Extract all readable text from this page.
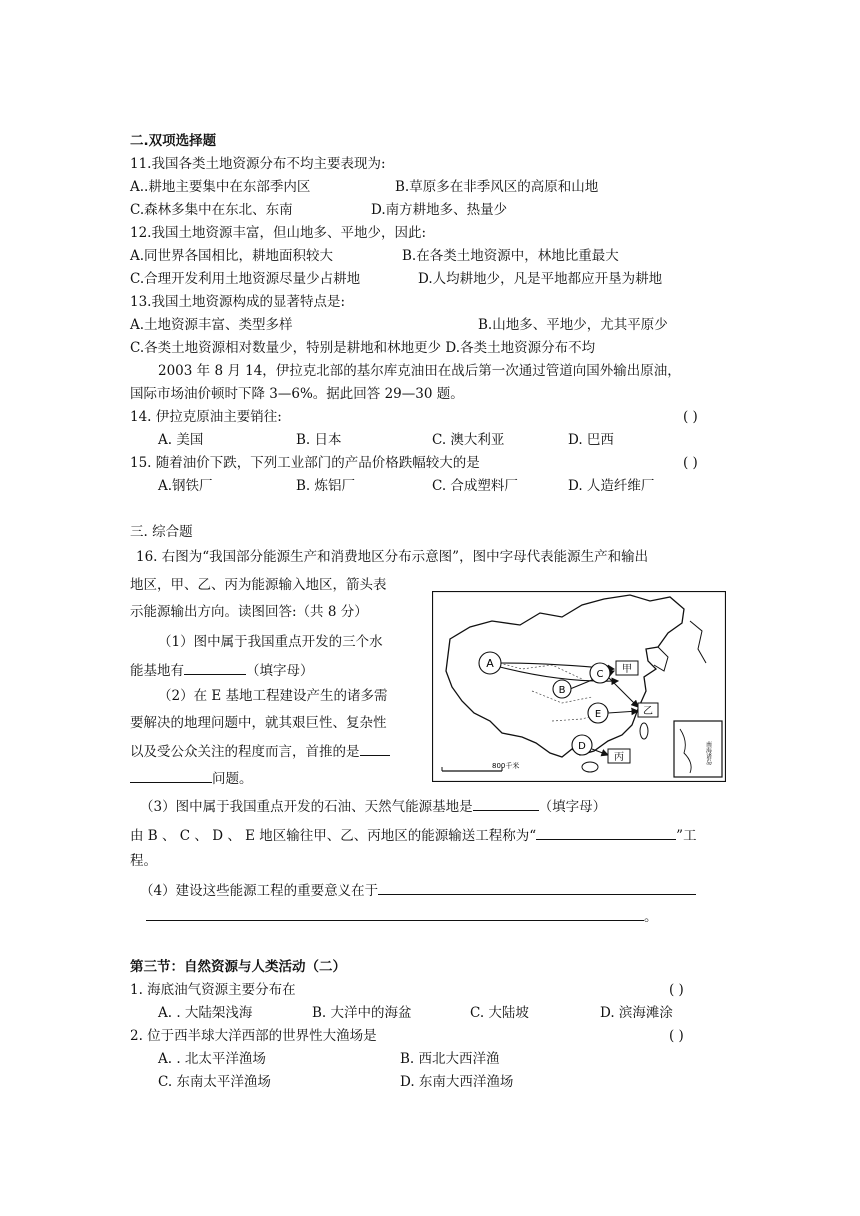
二.双项选择题
11.我国各类土地资源分布不均主要表现为:
A..耕地主要集中在东部季内区	B.草原多在非季风区的高原和山地
C.森林多集中在东北、东南	D.南方耕地多、热量少
12.我国土地资源丰富，但山地多、平地少，因此:
A.同世界各国相比，耕地面积较大	B.在各类土地资源中，林地比重最大
C.合理开发利用土地资源尽量少占耕地	D.人均耕地少，凡是平地都应开垦为耕地
13.我国土地资源构成的显著特点是:
A.土地资源丰富、类型多样	B.山地多、平地少，尤其平原少
C.各类土地资源相对数量少，特别是耕地和林地更少 D.各类土地资源分布不均
2003 年 8 月 14，伊拉克北部的基尔库克油田在战后第一次通过管道向国外输出原油，
国际市场油价顿时下降 3—6%。据此回答 29—30 题。
14. 伊拉克原油主要销往:	( )
A. 美国	B. 日本	C. 澳大利亚	D. 巴西
15. 随着油价下跌，下列工业部门的产品价格跌幅较大的是	( )
A.钢铁厂	B. 炼铝厂	C. 合成塑料厂	D. 人造纤维厂
三. 综合题
16. 右图为“我国部分能源生产和消费地区分布示意图”，图中字母代表能源生产和输出
地区，甲、乙、丙为能源输入地区，箭头表
示能源输出方向。读图回答:（共 8 分）
（1）图中属于我国重点开发的三个水
能基地有	（填字母）
（2）在 E 基地工程建设产生的诸多需
要解决的地理问题中，就其艰巨性、复杂性
以及受公众关注的程度而言，首推的是
问题。
（3）图中属于我国重点开发的石油、天然气能源基地是	（填字母）
由 B 、 C 、 D 、 E 地区输往甲、乙、丙地区的能源输送工程称为“	”工
程。
（4）建设这些能源工程的重要意义在于
。
A
B
C
E
D
甲
乙
丙
800千米
南海诸岛
第三节：自然资源与人类活动（二）
1. 海底油气资源主要分布在	( )
A. . 大陆架浅海	B. 大洋中的海盆	C. 大陆坡	D. 滨海滩涂
2. 位于西半球大洋西部的世界性大渔场是	( )
A. . 北太平洋渔场	B. 西北大西洋渔
C. 东南太平洋渔场	D. 东南大西洋渔场
